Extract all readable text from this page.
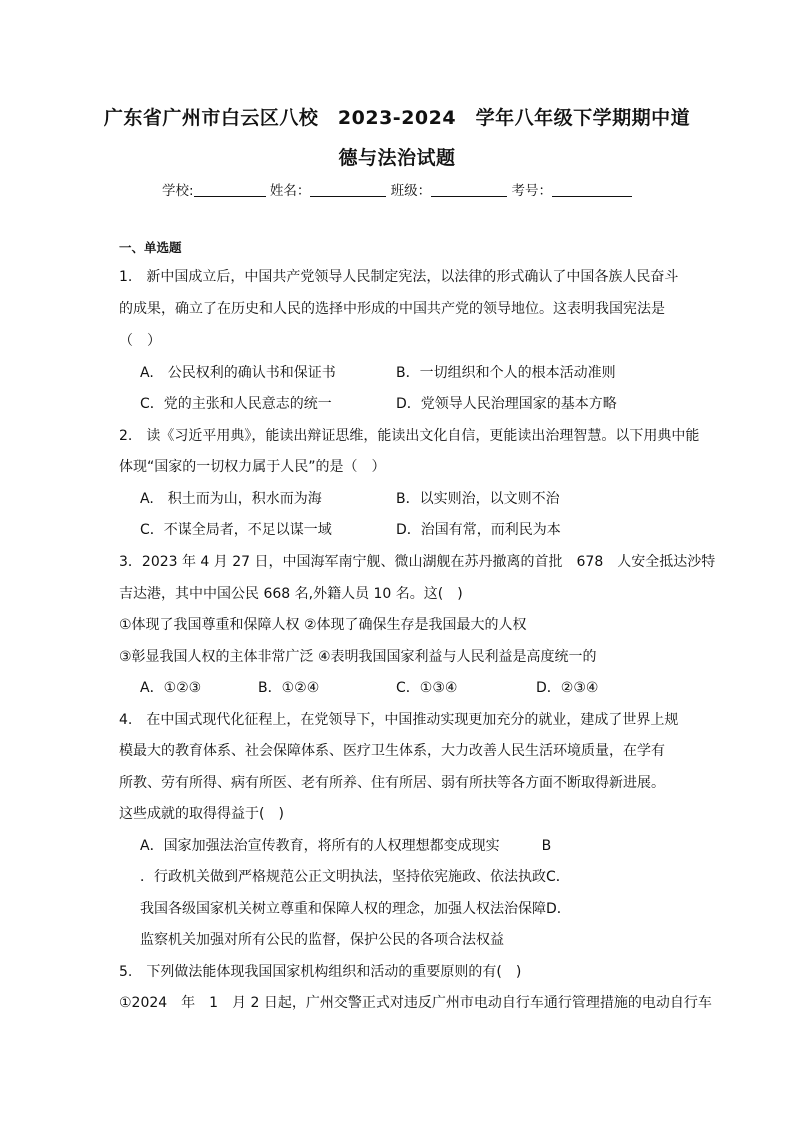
广东省广州市白云区八校　2023-2024　学年八年级下学期期中道
德与法治试题
学校:	姓名：	班级：	考号：
一、单选题
1.　新中国成立后，中国共产党领导人民制定宪法，以法律的形式确认了中国各族人民奋斗
的成果，确立了在历史和人民的选择中形成的中国共产党的领导地位。这表明我国宪法是
（　）
A.　公民权利的确认书和保证书	B．一切组织和个人的根本活动准则
C．党的主张和人民意志的统一	D．党领导人民治理国家的基本方略
2.　读《习近平用典》，能读出辩证思维，能读出文化自信，更能读出治理智慧。以下用典中能
体现“国家的一切权力属于人民”的是（　）
A.　积土而为山，积水而为海	B．以实则治，以文则不治
C．不谋全局者，不足以谋一域	D．治国有常，而利民为本
3．2023 年 4 月 27 日，中国海军南宁舰、微山湖舰在苏丹撤离的首批　678　人安全抵达沙特
吉达港，其中中国公民 668 名,外籍人员 10 名。这(　)
①体现了我国尊重和保障人权 ②体现了确保生存是我国最大的人权
③彰显我国人权的主体非常广泛 ④表明我国国家利益与人民利益是高度统一的
A．①②③	B．①②④	C．①③④	D．②③④
4.　在中国式现代化征程上，在党领导下，中国推动实现更加充分的就业，建成了世界上规
模最大的教育体系、社会保障体系、医疗卫生体系，大力改善人民生活环境质量，在学有
所教、劳有所得、病有所医、老有所养、住有所居、弱有所扶等各方面不断取得新进展。
这些成就的取得得益于(　)
A．国家加强法治宣传教育，将所有的人权理想都变成现实　　　B
．行政机关做到严格规范公正文明执法，坚持依宪施政、依法执政C．
我国各级国家机关树立尊重和保障人权的理念，加强人权法治保障D．
监察机关加强对所有公民的监督，保护公民的各项合法权益
5.　下列做法能体现我国国家机构组织和活动的重要原则的有(　)
①2024　年　1　月 2 日起，广州交警正式对违反广州市电动自行车通行管理措施的电动自行车
